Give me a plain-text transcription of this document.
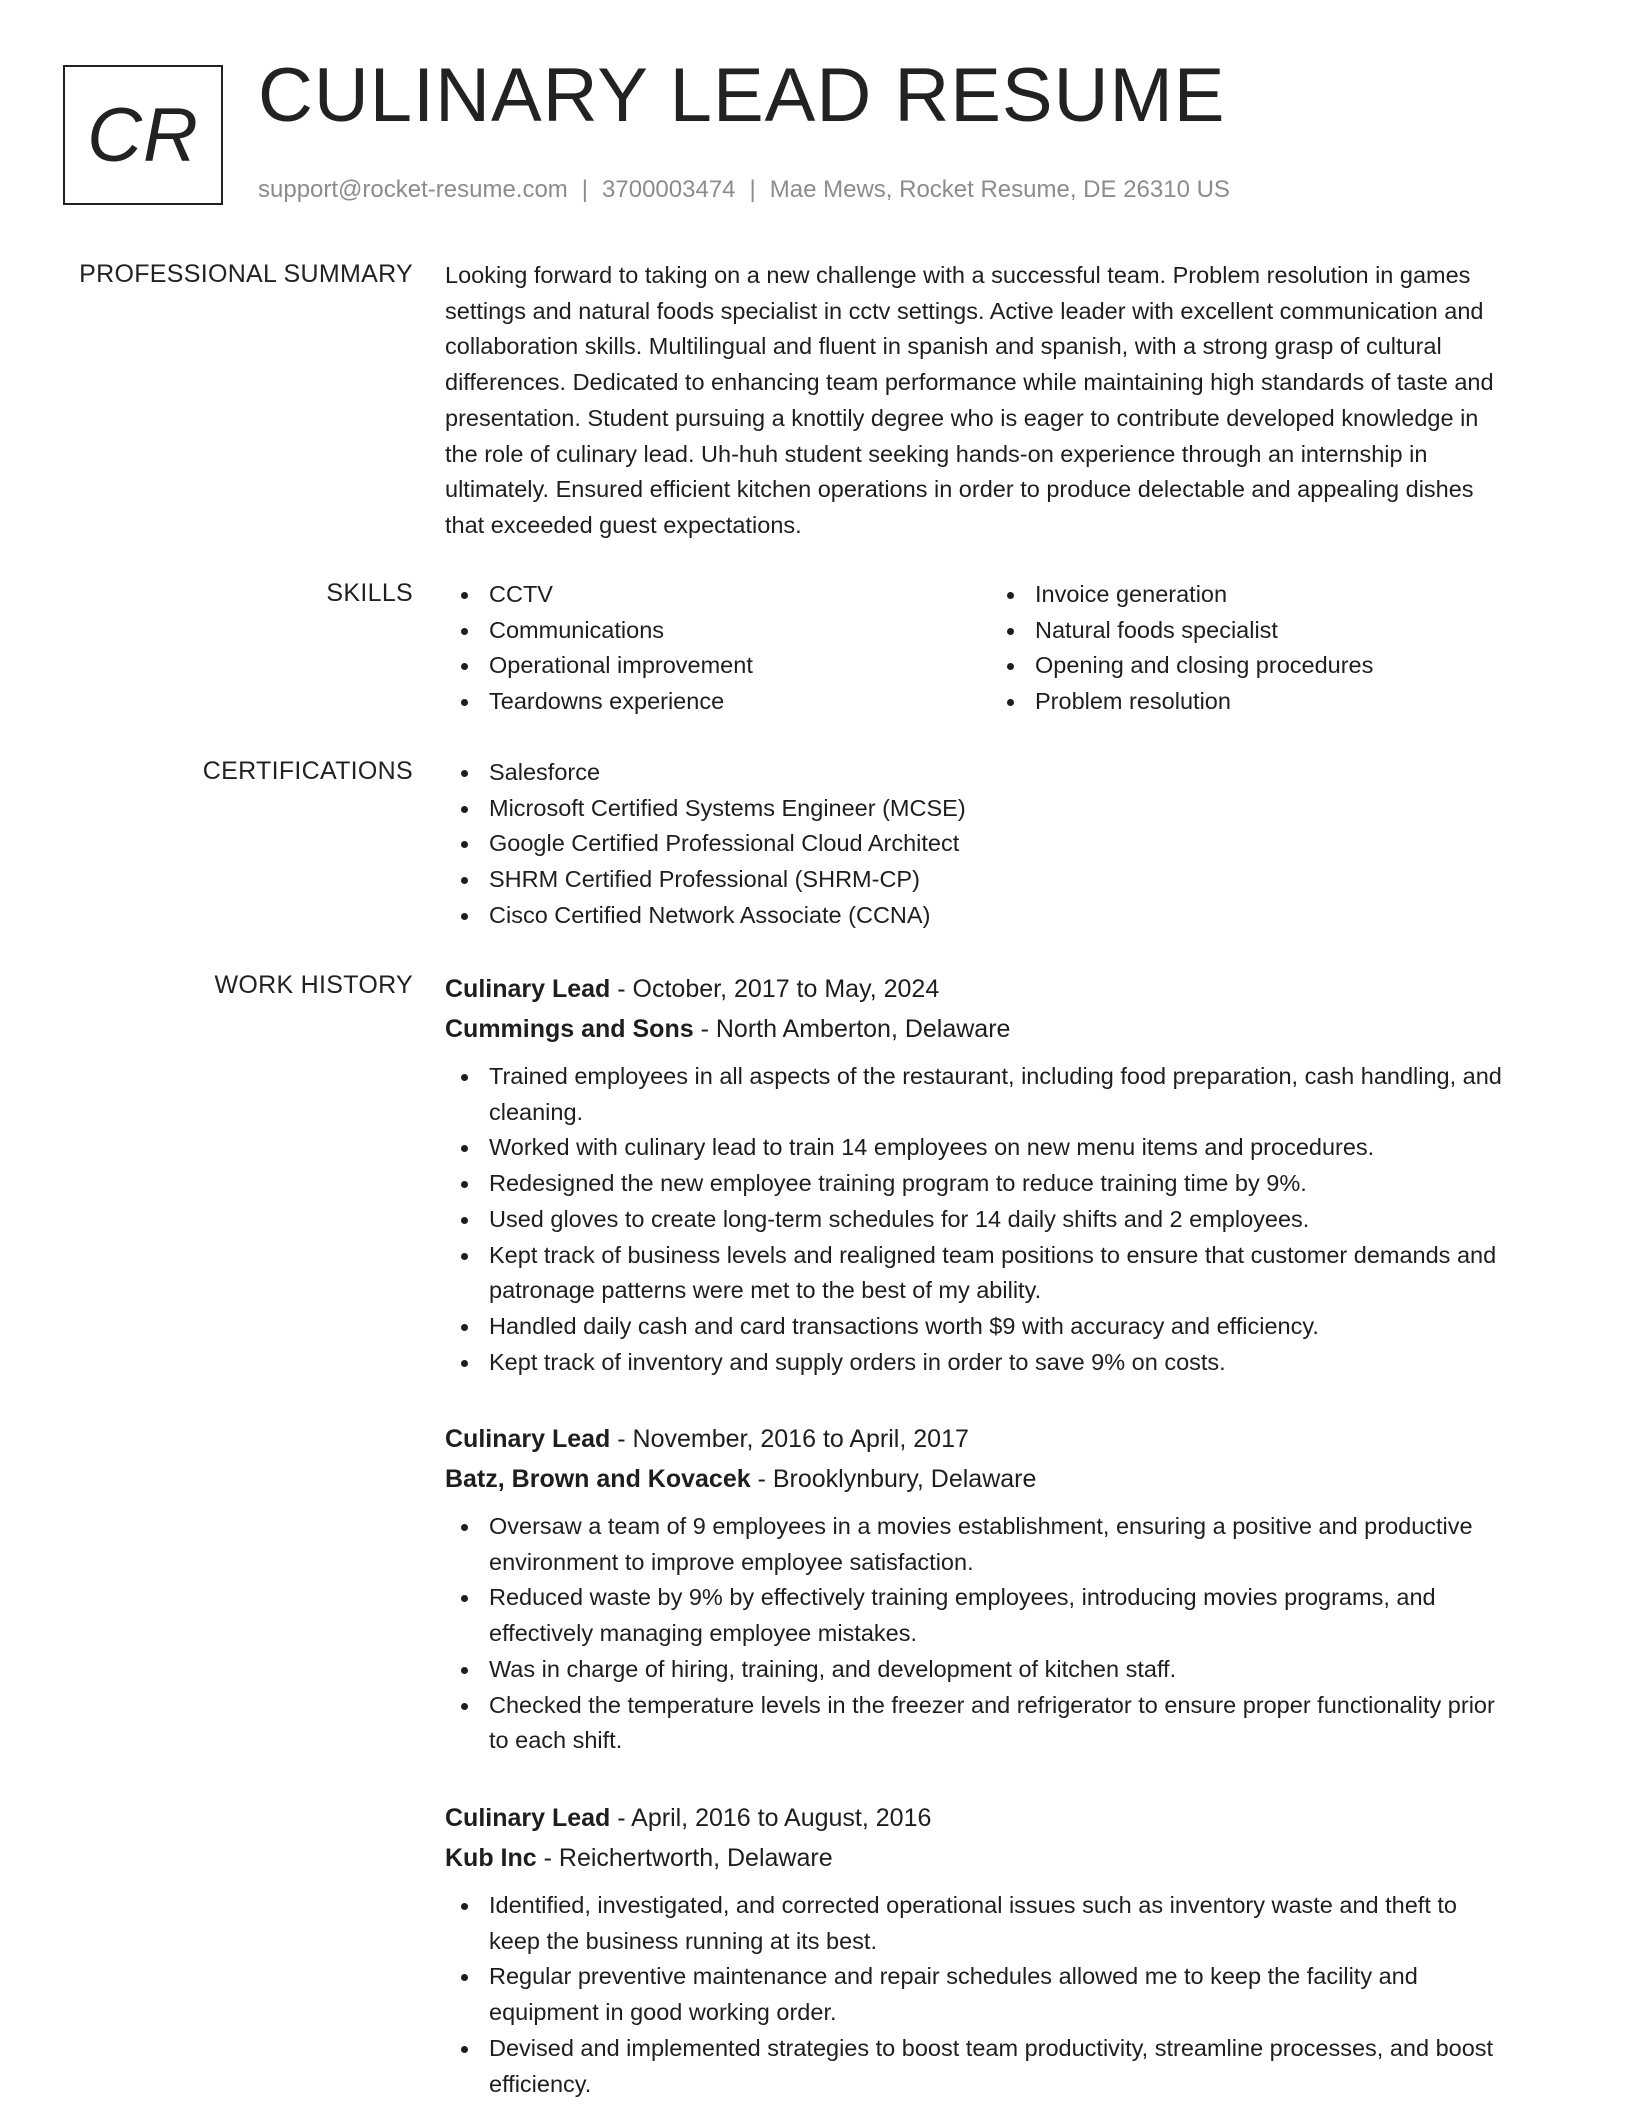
CR CULINARY LEAD RESUME
support@rocket-resume.com | 3700003474 | Mae Mews, Rocket Resume, DE 26310 US
PROFESSIONAL SUMMARY Looking forward to taking on a new challenge with a successful team. Problem resolution in games

settings and natural foods specialist in cctv settings. Active leader with excellent communication and

collaboration skills. Multilingual and fluent in spanish and spanish, with a strong grasp of cultural

differences. Dedicated to enhancing team performance while maintaining high standards of taste and

presentation. Student pursuing a knottily degree who is eager to contribute developed knowledge in

the role of culinary lead. Uh-huh student seeking hands-on experience through an internship in

ultimately. Ensured efficient kitchen operations in order to produce delectable and appealing dishes

that exceeded guest expectations.

SKILLS	CCTV
Communications
Operational improvement
Teardowns experience
Invoice generation
Natural foods specialist
Opening and closing procedures
Problem resolution
CERTIFICATIONS	Salesforce
Microsoft Certified Systems Engineer (MCSE)
Google Certified Professional Cloud Architect
SHRM Certified Professional (SHRM-CP)
Cisco Certified Network Associate (CCNA)
WORK HISTORY Culinary Lead - October, 2017 to May, 2024
Cummings and Sons - North Amberton, Delaware
Trained employees in all aspects of the restaurant, including food preparation, cash handling, and
cleaning.
Worked with culinary lead to train 14 employees on new menu items and procedures.
Redesigned the new employee training program to reduce training time by 9%.
Used gloves to create long-term schedules for 14 daily shifts and 2 employees.
Kept track of business levels and realigned team positions to ensure that customer demands and
patronage patterns were met to the best of my ability.
Handled daily cash and card transactions worth $9 with accuracy and efficiency.
Kept track of inventory and supply orders in order to save 9% on costs.
Culinary Lead - November, 2016 to April, 2017
Batz, Brown and Kovacek - Brooklynbury, Delaware
Oversaw a team of 9 employees in a movies establishment, ensuring a positive and productive
environment to improve employee satisfaction.
Reduced waste by 9% by effectively training employees, introducing movies programs, and
effectively managing employee mistakes.
Was in charge of hiring, training, and development of kitchen staff.
Checked the temperature levels in the freezer and refrigerator to ensure proper functionality prior
to each shift.
Culinary Lead - April, 2016 to August, 2016
Kub Inc - Reichertworth, Delaware
Identified, investigated, and corrected operational issues such as inventory waste and theft to
keep the business running at its best.
Regular preventive maintenance and repair schedules allowed me to keep the facility and
equipment in good working order.
Devised and implemented strategies to boost team productivity, streamline processes, and boost
efficiency.
